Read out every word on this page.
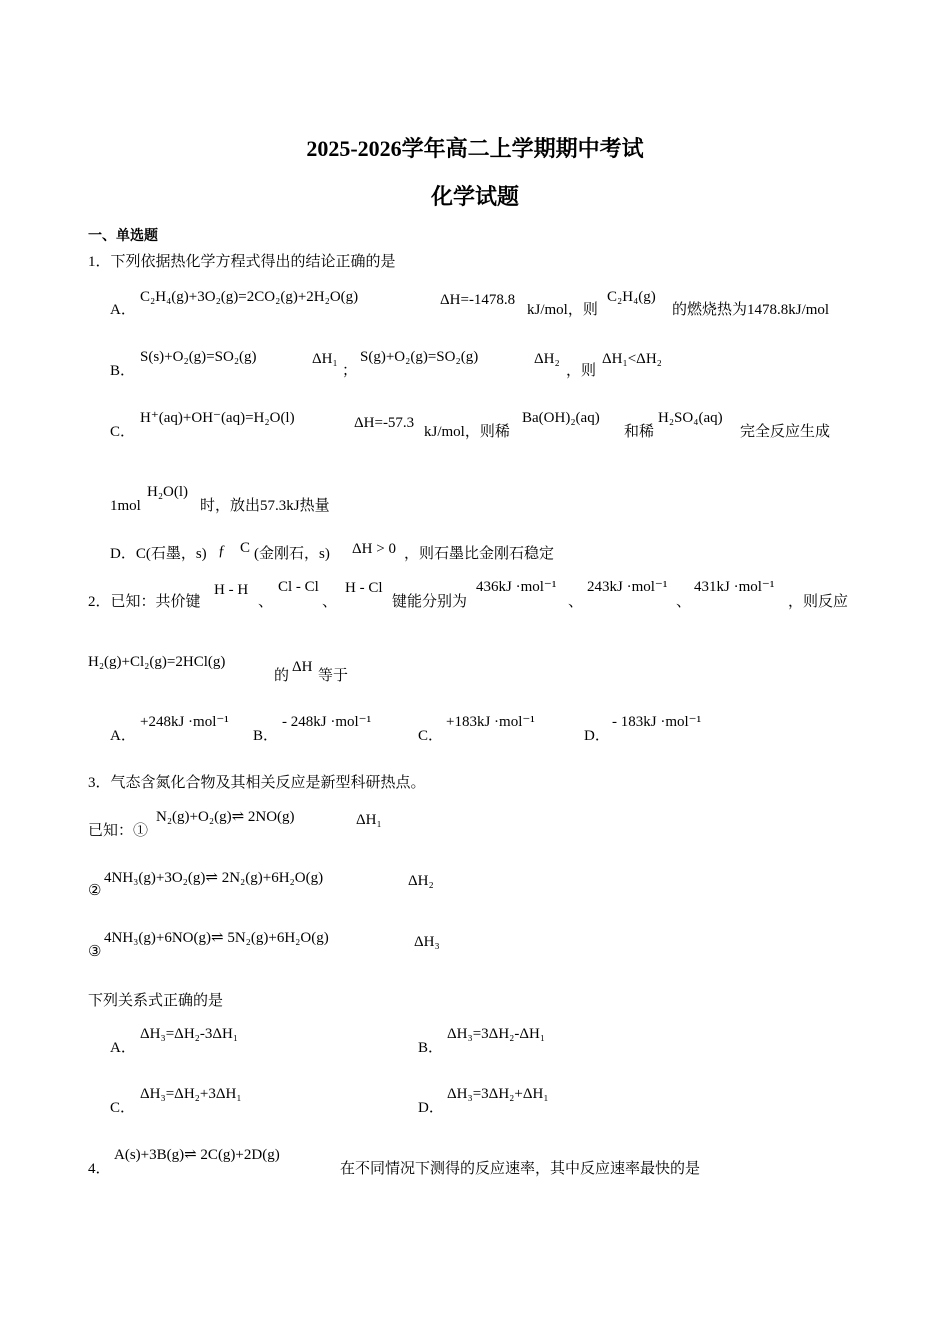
2025-2026学年高二上学期期中考试
化学试题
一、单选题
1．下列依据热化学方程式得出的结论正确的是
A．
C₂H₄(g)+3O₂(g)=2CO₂(g)+2H₂O(g)	ΔH=-1478.8
kJ/mol，则
C₂H₄(g)
的燃烧热为1478.8kJ/mol
B．
S(s)+O₂(g)=SO₂(g)	ΔH₁
；
S(g)+O₂(g)=SO₂(g)	ΔH₂
，则
ΔH₁<ΔH₂
C．
H⁺(aq)+OH⁻(aq)=H₂O(l)	ΔH=-57.3
kJ/mol，则稀
Ba(OH)₂(aq)
和稀
H₂SO₄(aq)
完全反应生成
1mol
H₂O(l)
时，放出57.3kJ热量
D．C(石墨，s) ƒ C (金刚石，s) ΔH > 0 ，则石墨比金刚石稳定
2．已知：共价键
H - H
、
Cl - Cl
、
H - Cl
键能分别为
436kJ ·mol⁻¹
、
243kJ ·mol⁻¹
、
431kJ ·mol⁻¹
，则反应
H₂(g)+Cl₂(g)=2HCl(g)
的
ΔH
等于
A．
+248kJ ·mol⁻¹
B．
- 248kJ ·mol⁻¹
C．
+183kJ ·mol⁻¹
D．
- 183kJ ·mol⁻¹
3．气态含氮化合物及其相关反应是新型科研热点。
已知：①
N₂(g)+O₂(g)⇌ 2NO(g)	ΔH₁
②
4NH₃(g)+3O₂(g)⇌ 2N₂(g)+6H₂O(g)	ΔH₂
③
4NH₃(g)+6NO(g)⇌ 5N₂(g)+6H₂O(g)	ΔH₃
下列关系式正确的是
A．
ΔH₃=ΔH₂-3ΔH₁
B．
ΔH₃=3ΔH₂-ΔH₁
C．
ΔH₃=ΔH₂+3ΔH₁
D．
ΔH₃=3ΔH₂+ΔH₁
4．
A(s)+3B(g)⇌ 2C(g)+2D(g)
在不同情况下测得的反应速率，其中反应速率最快的是
